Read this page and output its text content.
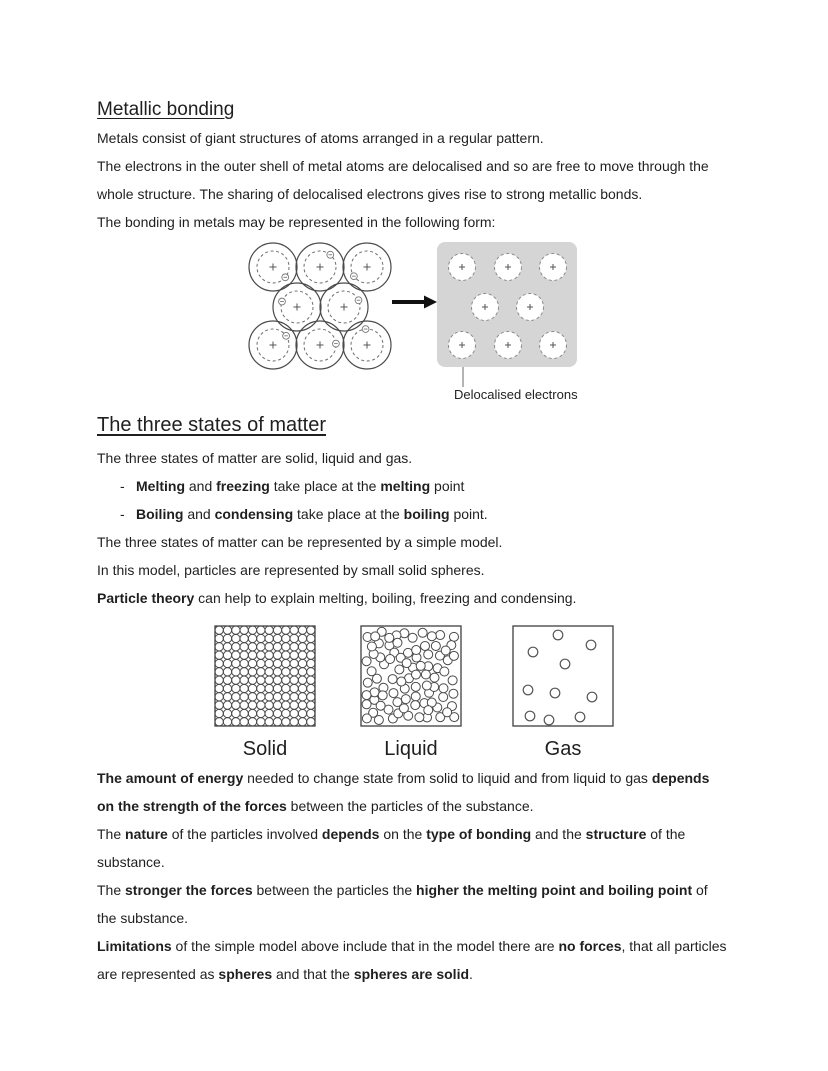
Metallic bonding

Metals consist of giant structures of atoms arranged in a regular pattern.

The electrons in the outer shell of metal atoms are delocalised and so are free to move through the whole structure. The sharing of delocalised electrons gives rise to strong metallic bonds.

The bonding in metals may be represented in the following form:

Delocalised electrons
The three states of matter

The three states of matter are solid, liquid and gas.

- Melting and freezing take place at the melting point

- Boiling and condensing take place at the boiling point.

The three states of matter can be represented by a simple model.

In this model, particles are represented by small solid spheres.

Particle theory can help to explain melting, boiling, freezing and condensing.

Solid	Liquid	Gas

The amount of energy needed to change state from solid to liquid and from liquid to gas depends on the strength of the forces between the particles of the substance.

The nature of the particles involved depends on the type of bonding and the structure of the substance.

The stronger the forces between the particles the higher the melting point and boiling point of the substance.

Limitations of the simple model above include that in the model there are no forces, that all particles are represented as spheres and that the spheres are solid.
